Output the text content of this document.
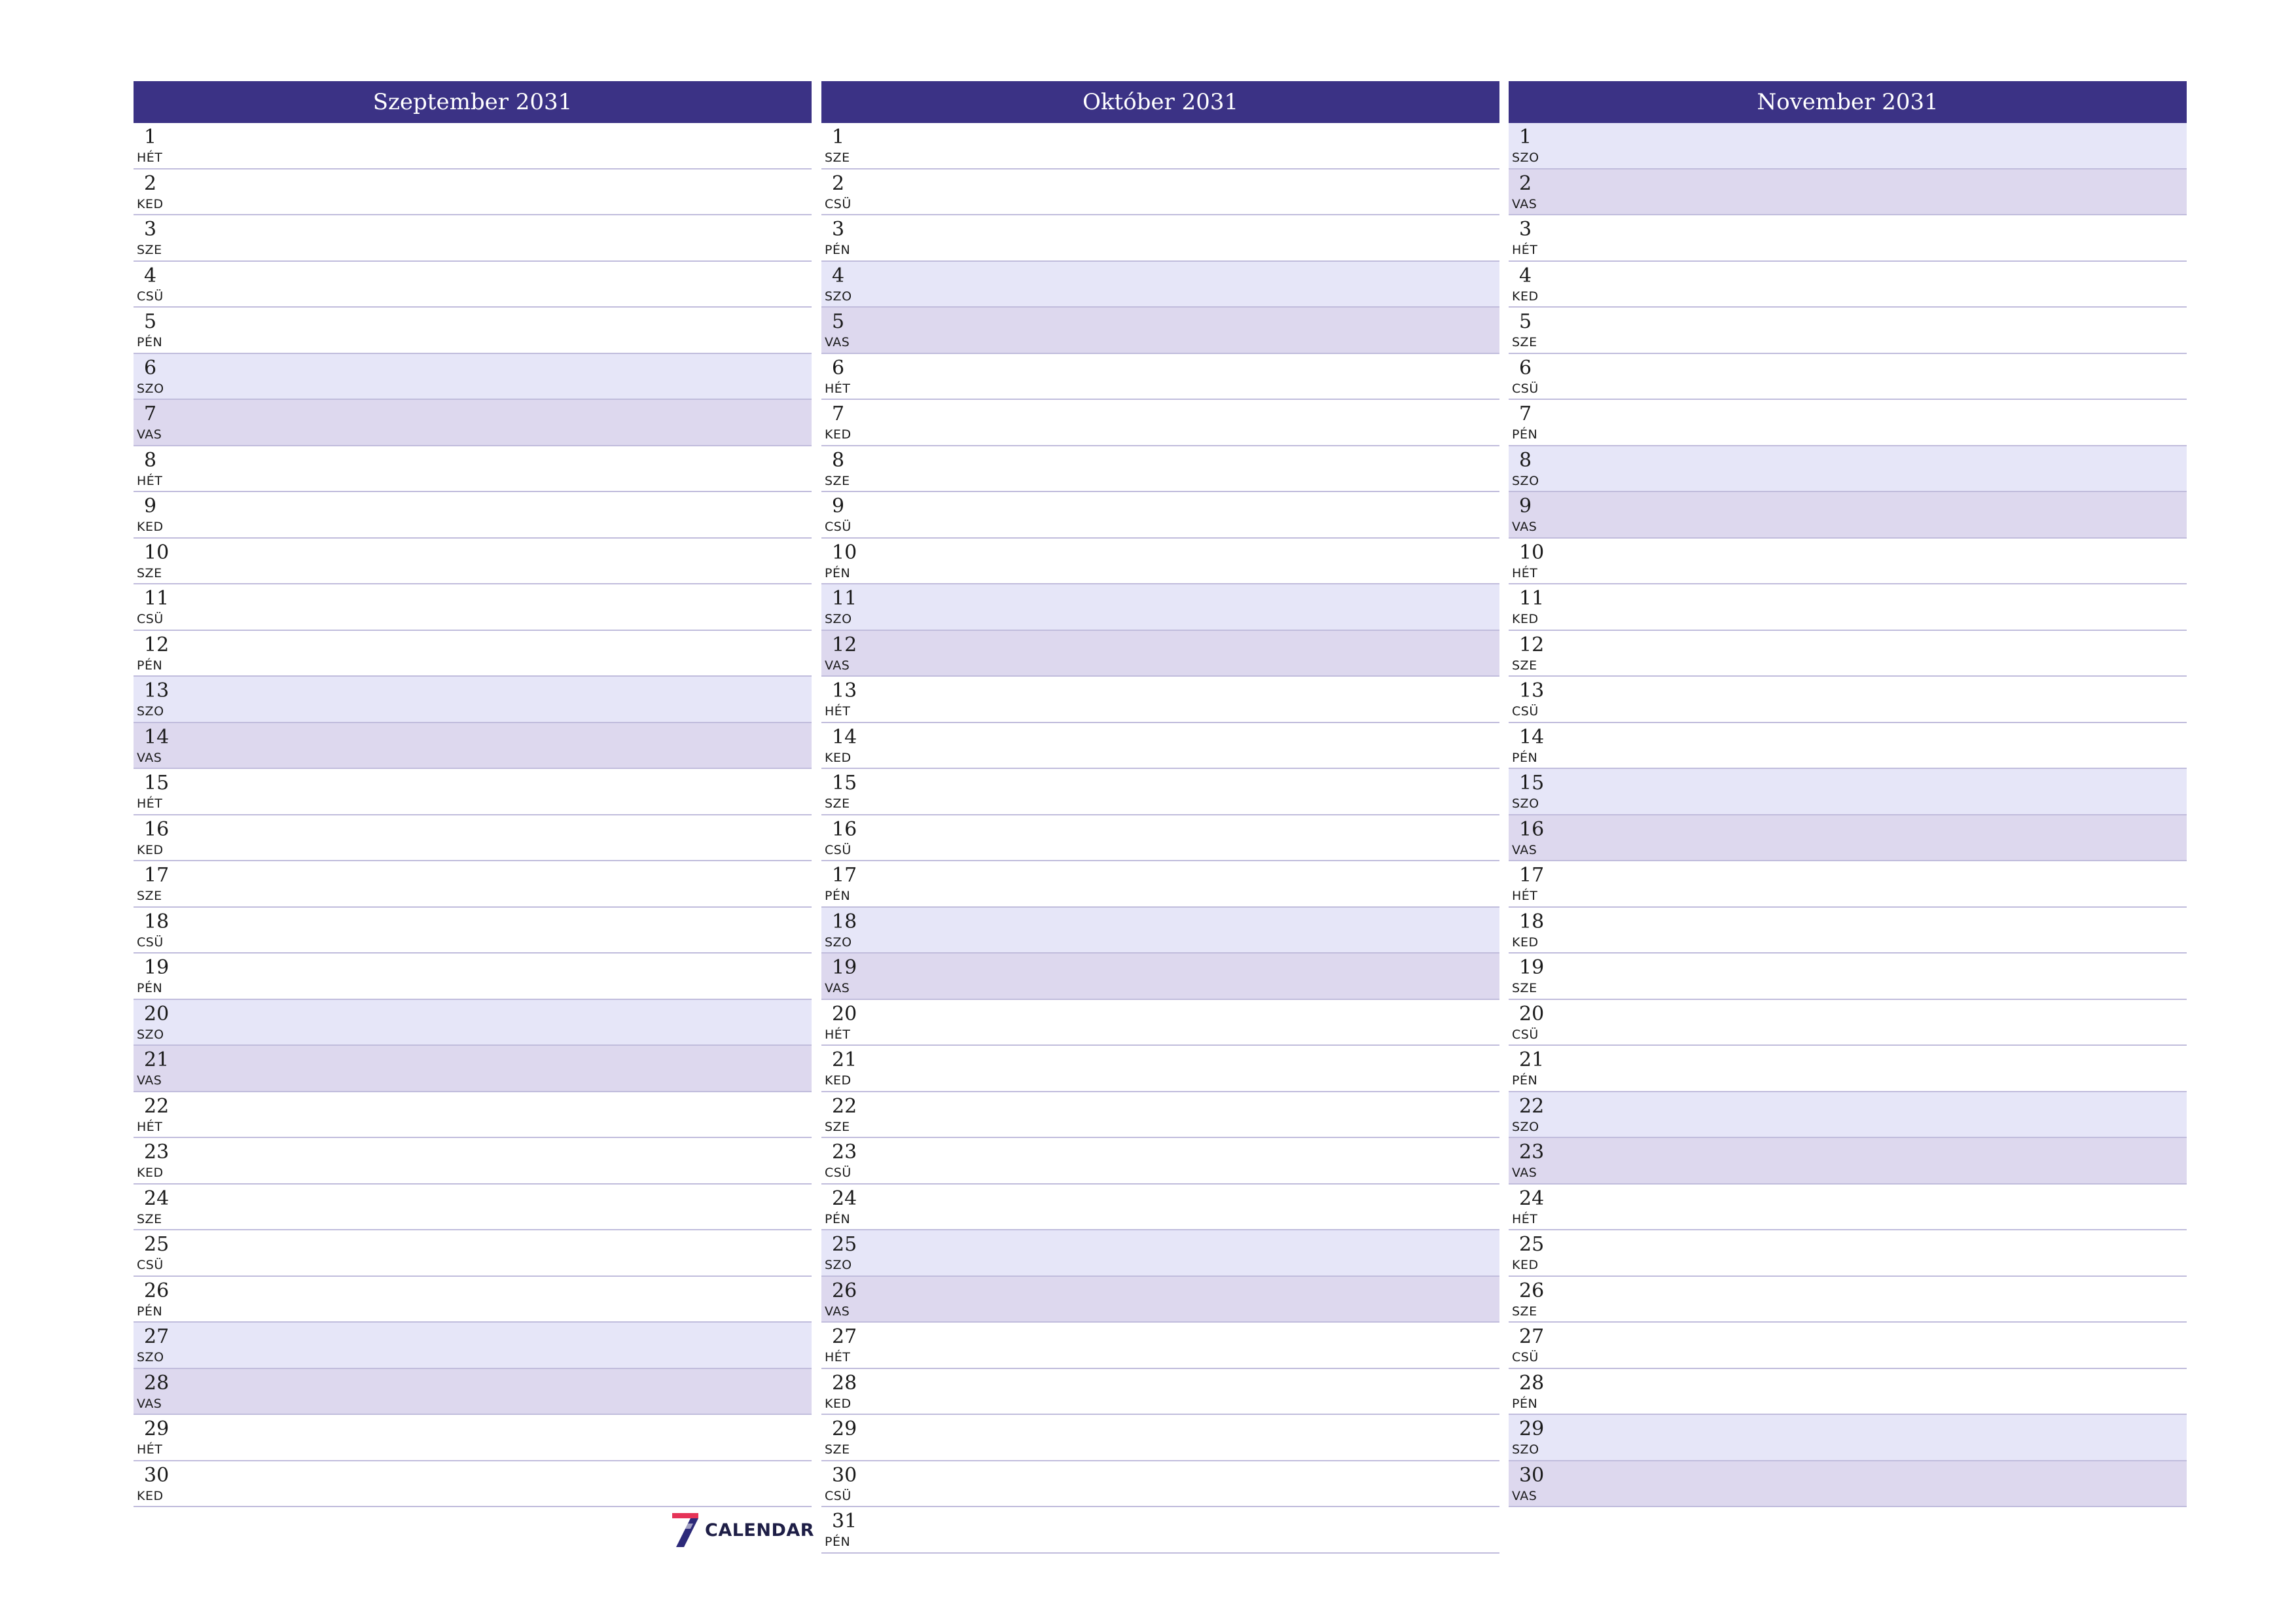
Szeptember 2031
1
HÉT
2
KED
3
SZE
4
CSÜ
5
PÉN
6
SZO
7
VAS
8
HÉT
9
KED
10
SZE
11
CSÜ
12
PÉN
13
SZO
14
VAS
15
HÉT
16
KED
17
SZE
18
CSÜ
19
PÉN
20
SZO
21
VAS
22
HÉT
23
KED
24
SZE
25
CSÜ
26
PÉN
27
SZO
28
VAS
29
HÉT
30
KED
Október 2031
1
SZE
2
CSÜ
3
PÉN
4
SZO
5
VAS
6
HÉT
7
KED
8
SZE
9
CSÜ
10
PÉN
11
SZO
12
VAS
13
HÉT
14
KED
15
SZE
16
CSÜ
17
PÉN
18
SZO
19
VAS
20
HÉT
21
KED
22
SZE
23
CSÜ
24
PÉN
25
SZO
26
VAS
27
HÉT
28
KED
29
SZE
30
CSÜ
31
PÉN
November 2031
1
SZO
2
VAS
3
HÉT
4
KED
5
SZE
6
CSÜ
7
PÉN
8
SZO
9
VAS
10
HÉT
11
KED
12
SZE
13
CSÜ
14
PÉN
15
SZO
16
VAS
17
HÉT
18
KED
19
SZE
20
CSÜ
21
PÉN
22
SZO
23
VAS
24
HÉT
25
KED
26
SZE
27
CSÜ
28
PÉN
29
SZO
30
VAS
CALENDAR
